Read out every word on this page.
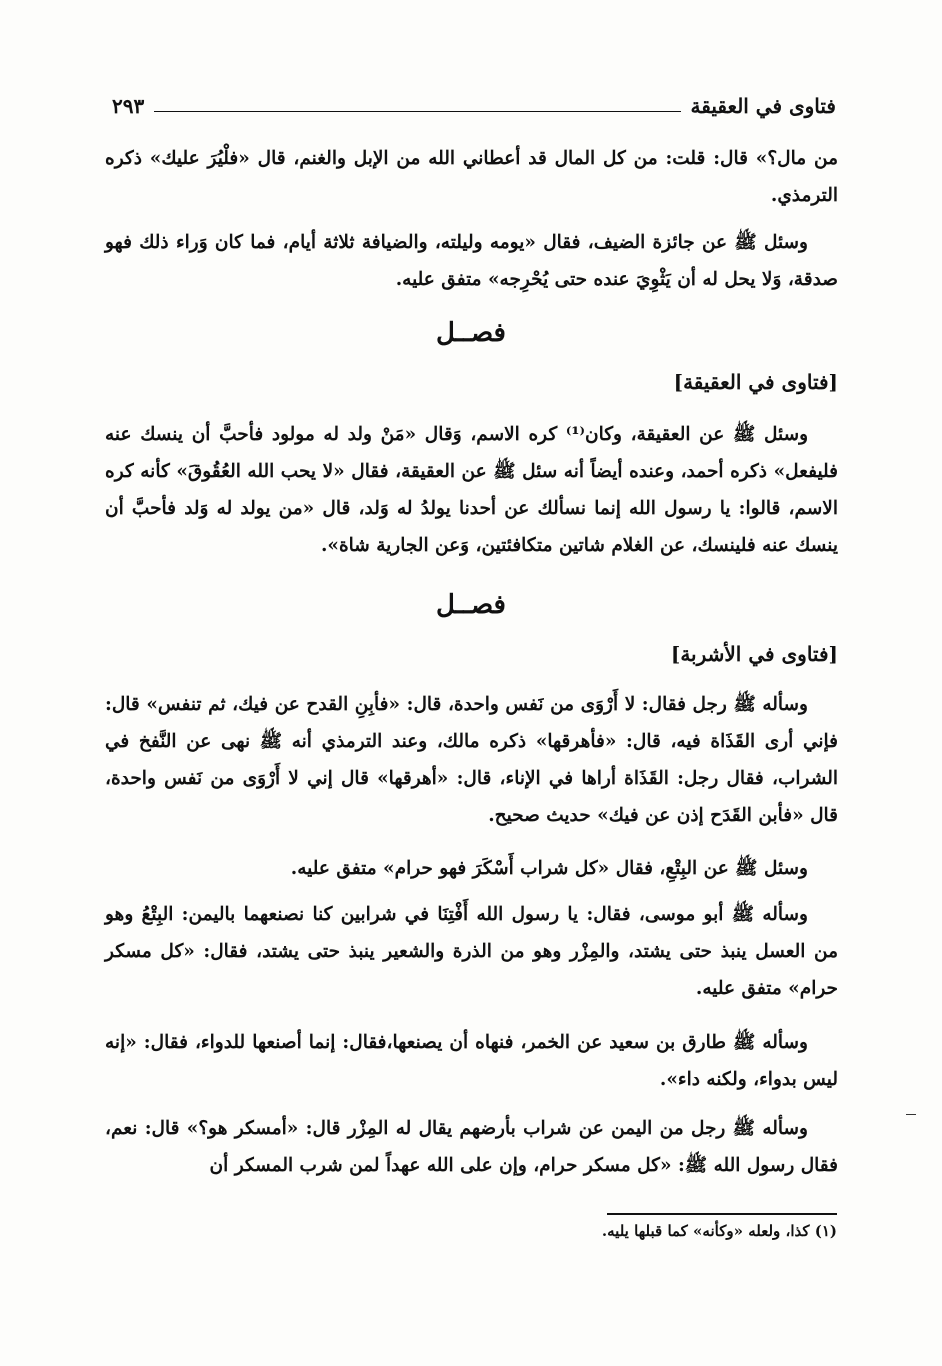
فتاوى في العقيقة
٢٩٣

من مال؟» قال: قلت: من كل المال قد أعطاني الله من الإبل والغنم، قال «فلْيُرَ عليك» ذكره الترمذي.

وسئل ﷺ عن جائزة الضيف، فقال «يومه وليلته، والضيافة ثلاثة أيام، فما كان وَراء ذلك فهو صدقة، وَلا يحل له أن يَثْوِيَ عنده حتى يُحْرِجه» متفق عليه.

فصــل
[فتاوى في العقيقة]

وسئل ﷺ عن العقيقة، وكان⁽¹⁾ كره الاسم، وَقال «مَنْ ولد له مولود فأحبَّ أن ينسك عنه فليفعل» ذكره أحمد، وعنده أيضاً أنه سئل ﷺ عن العقيقة، فقال «لا يحب الله العُقُوقَ» كأنه كره الاسم، قالوا: يا رسول الله إنما نسألك عن أحدنا يولدُ له وَلد، قال «من يولد له وَلد فأحبَّ أن ينسك عنه فلينسك، عن الغلام شاتين متكافئتين، وَعن الجارية شاة».

فصــل
[فتاوى في الأشربة]

وسأله ﷺ رجل فقال: لا أَرْوَى من نَفس واحدة، قال: «فأبِنِ القدح عن فيك، ثم تنفس» قال: فإني أرى القَذَاة فيه، قال: «فأهرقها» ذكره مالك، وعند الترمذي أنه ﷺ نهى عن النَّفخ في الشراب، فقال رجل: القَذَاة أراها في الإناء، قال: «أهرقها» قال إني لا أَرْوَى من نَفس واحدة، قال «فأبن القَدَح إذن عن فيك» حديث صحيح.

وسئل ﷺ عن البِتْعِ، فقال «كل شراب أَسْكَرَ فهو حرام» متفق عليه.

وسأله ﷺ أبو موسى، فقال: يا رسول الله أَفْتِنَا في شرابين كنا نصنعهما باليمن: البِتْعُ وهو من العسل ينبذ حتى يشتد، والمِزْر وهو من الذرة والشعير ينبذ حتى يشتد، فقال: «كل مسكر حرام» متفق عليه.

وسأله ﷺ طارق بن سعيد عن الخمر، فنهاه أن يصنعها،فقال: إنما أصنعها للدواء، فقال: «إنه ليس بدواء، ولكنه داء».

وسأله ﷺ رجل من اليمن عن شراب بأرضهم يقال له المِزْر قال: «أمسكر هو؟» قال: نعم، فقال رسول الله ﷺ: «كل مسكر حرام، وإن على الله عهداً لمن شرب المسكر أن

(١) كذا، ولعله «وكأنه» كما قبلها يليه.
